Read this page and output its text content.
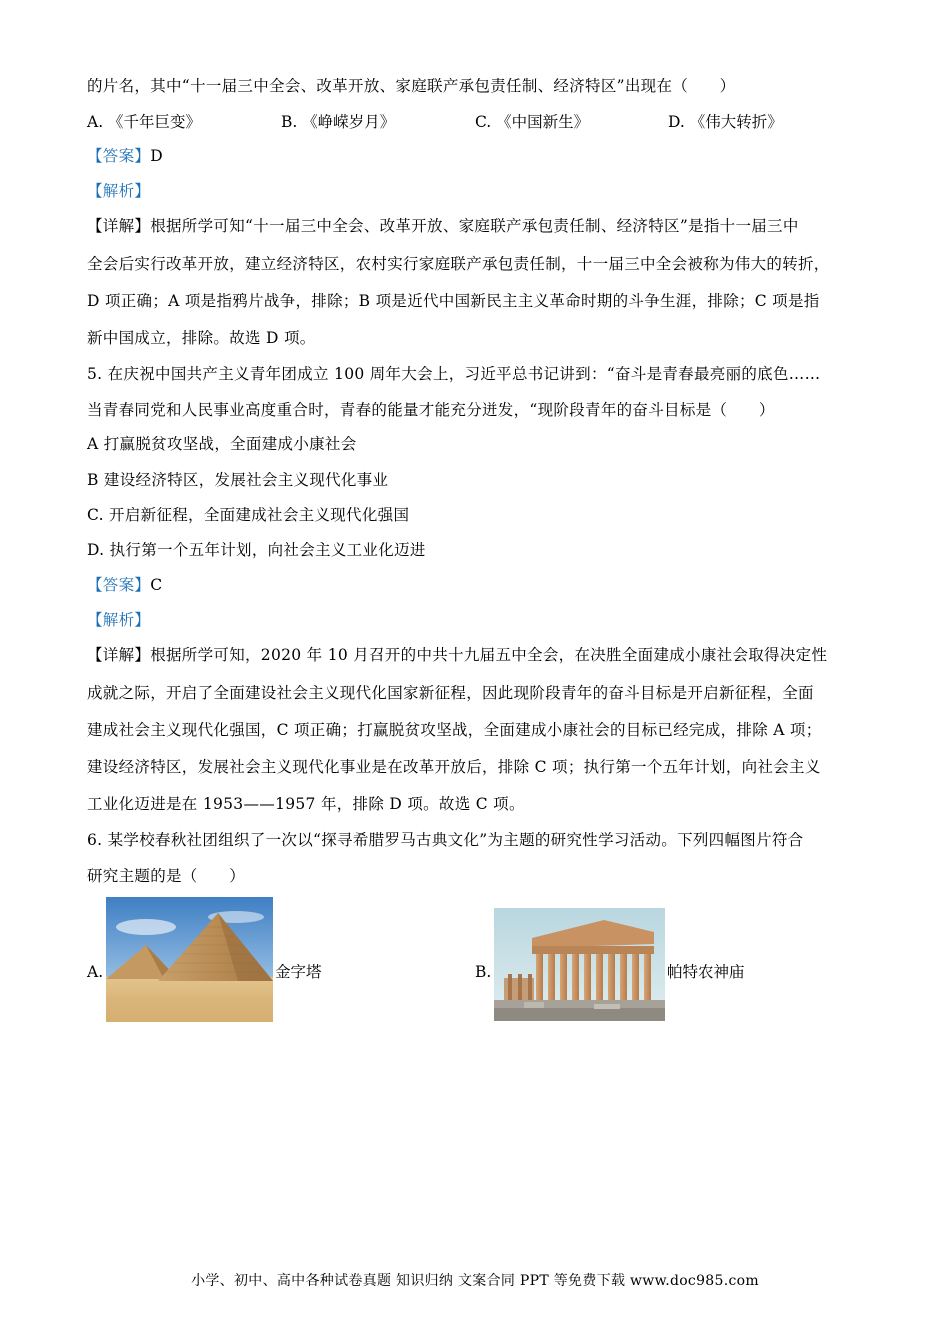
的片名，其中“十一届三中全会、改革开放、家庭联产承包责任制、经济特区”出现在（　　）
A. 《千年巨变》	B. 《峥嵘岁月》	C. 《中国新生》	D. 《伟大转折》
【答案】D
【解析】
【详解】根据所学可知“十一届三中全会、改革开放、家庭联产承包责任制、经济特区”是指十一届三中
全会后实行改革开放，建立经济特区，农村实行家庭联产承包责任制，十一届三中全会被称为伟大的转折，
D 项正确；A 项是指鸦片战争，排除；B 项是近代中国新民主主义革命时期的斗争生涯，排除；C 项是指
新中国成立，排除。故选 D 项。
5. 在庆祝中国共产主义青年团成立 100 周年大会上，习近平总书记讲到：“奋斗是青春最亮丽的底色……
当青春同党和人民事业高度重合时，青春的能量才能充分迸发，“现阶段青年的奋斗目标是（　　）
A 打赢脱贫攻坚战，全面建成小康社会
B 建设经济特区，发展社会主义现代化事业
C. 开启新征程，全面建成社会主义现代化强国
D. 执行第一个五年计划，向社会主义工业化迈进
【答案】C
【解析】
【详解】根据所学可知，2020 年 10 月召开的中共十九届五中全会，在决胜全面建成小康社会取得决定性
成就之际，开启了全面建设社会主义现代化国家新征程，因此现阶段青年的奋斗目标是开启新征程，全面
建成社会主义现代化强国，C 项正确；打赢脱贫攻坚战，全面建成小康社会的目标已经完成，排除 A 项；
建设经济特区，发展社会主义现代化事业是在改革开放后，排除 C 项；执行第一个五年计划，向社会主义
工业化迈进是在 1953——1957 年，排除 D 项。故选 C 项。
6. 某学校春秋社团组织了一次以“探寻希腊罗马古典文化”为主题的研究性学习活动。下列四幅图片符合
研究主题的是（　　）
A.	金字塔	B.	帕特农神庙
小学、初中、高中各种试卷真题 知识归纳 文案合同 PPT 等免费下载 www.doc985.com
